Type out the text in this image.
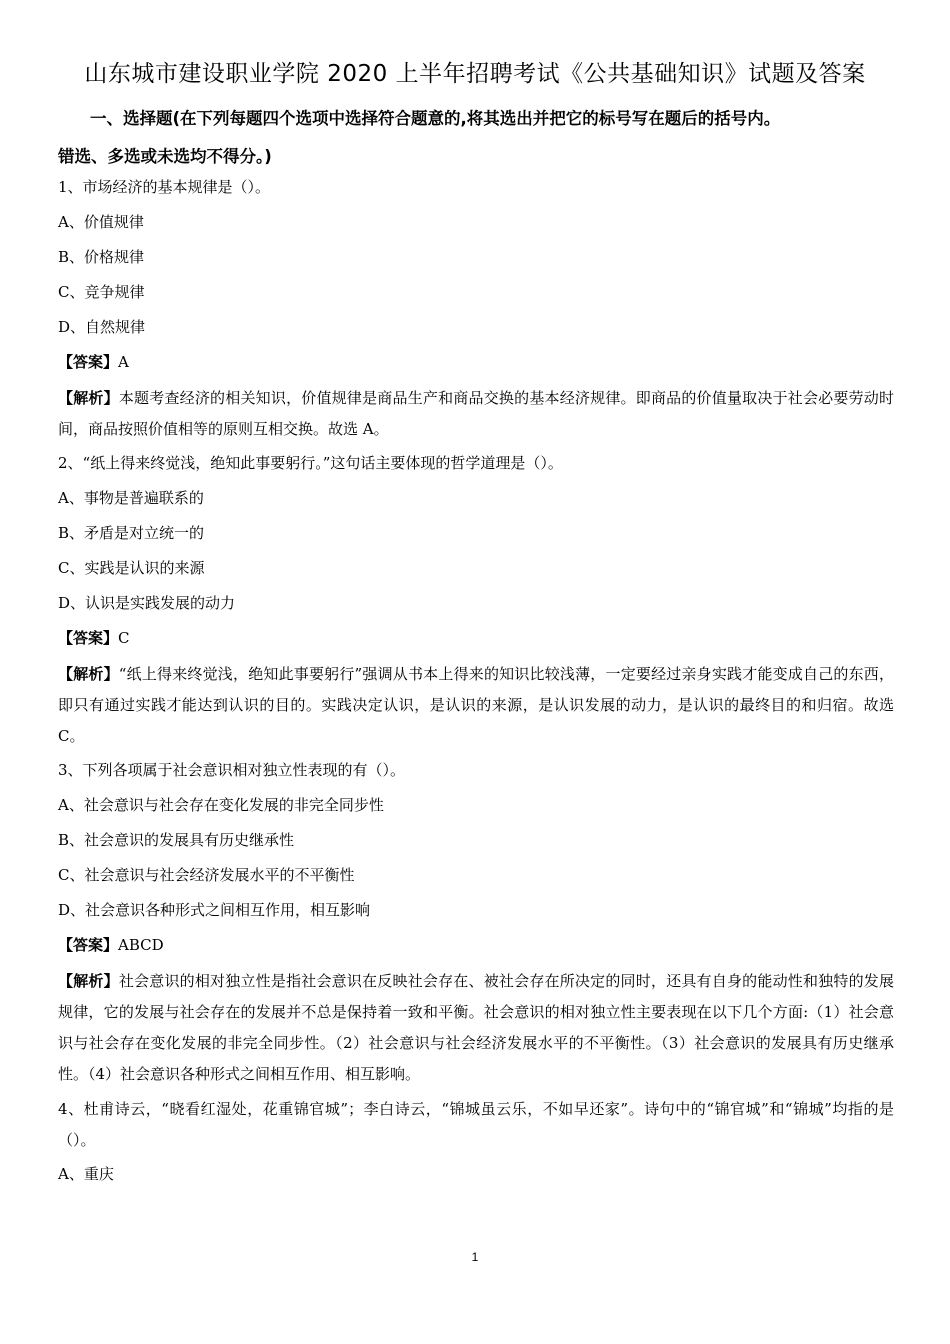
山东城市建设职业学院 2020 上半年招聘考试《公共基础知识》试题及答案
一、选择题(在下列每题四个选项中选择符合题意的,将其选出并把它的标号写在题后的括号内。
错选、多选或未选均不得分。)
1、市场经济的基本规律是（）。
A、价值规律
B、价格规律
C、竞争规律
D、自然规律
【答案】A
【解析】本题考查经济的相关知识，价值规律是商品生产和商品交换的基本经济规律。即商品的价值量取决于社会必要劳动时间，商品按照价值相等的原则互相交换。故选 A。
2、“纸上得来终觉浅，绝知此事要躬行。”这句话主要体现的哲学道理是（）。
A、事物是普遍联系的
B、矛盾是对立统一的
C、实践是认识的来源
D、认识是实践发展的动力
【答案】C
【解析】“纸上得来终觉浅，绝知此事要躬行”强调从书本上得来的知识比较浅薄，一定要经过亲身实践才能变成自己的东西，即只有通过实践才能达到认识的目的。实践决定认识，是认识的来源，是认识发展的动力，是认识的最终目的和归宿。故选 C。
3、下列各项属于社会意识相对独立性表现的有（）。
A、社会意识与社会存在变化发展的非完全同步性
B、社会意识的发展具有历史继承性
C、社会意识与社会经济发展水平的不平衡性
D、社会意识各种形式之间相互作用，相互影响
【答案】ABCD
【解析】社会意识的相对独立性是指社会意识在反映社会存在、被社会存在所决定的同时，还具有自身的能动性和独特的发展规律，它的发展与社会存在的发展并不总是保持着一致和平衡。社会意识的相对独立性主要表现在以下几个方面:（1）社会意识与社会存在变化发展的非完全同步性。（2）社会意识与社会经济发展水平的不平衡性。（3）社会意识的发展具有历史继承性。（4）社会意识各种形式之间相互作用、相互影响。
4、杜甫诗云，“晓看红湿处，花重锦官城”；李白诗云，“锦城虽云乐，不如早还家”。诗句中的“锦官城”和“锦城”均指的是（）。
A、重庆
1
